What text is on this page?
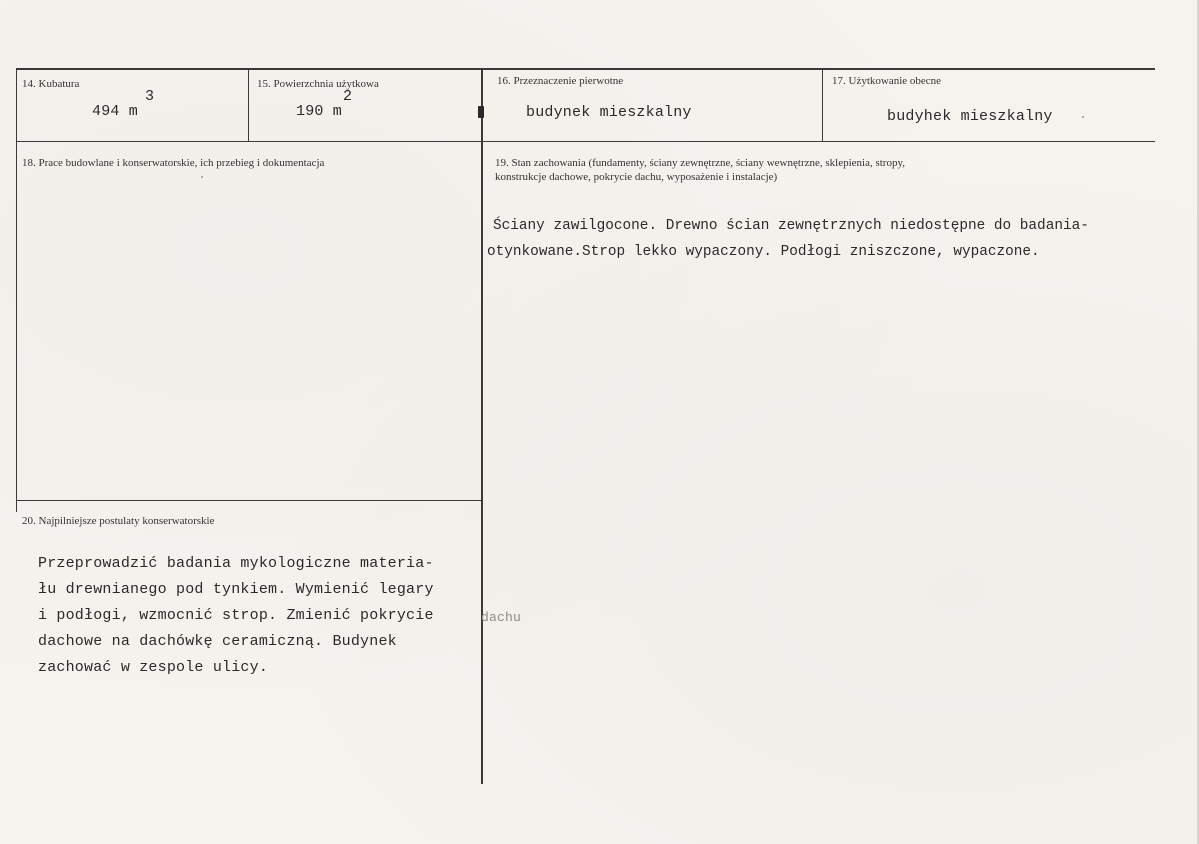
14. Kubatura
494 m
3
15. Powierzchnia użytkowa
190 m
2
16. Przeznaczenie pierwotne
budynek mieszkalny
17. Użytkowanie obecne
budyhek mieszkalny
18. Prace budowlane i konserwatorskie, ich przebieg i dokumentacja	19. Stan zachowania (fundamenty, ściany zewnętrzne, ściany wewnętrzne, sklepienia, stropy,
konstrukcje dachowe, pokrycie dachu, wyposażenie i instalacje)
Ściany zawilgocone. Drewno ścian zewnętrznych niedostępne do badania-
otynkowane.Strop lekko wypaczony. Podłogi zniszczone, wypaczone.
20. Najpilniejsze postulaty konserwatorskie
Przeprowadzić badania mykologiczne materia-
łu drewnianego pod tynkiem. Wymienić legary
i podłogi, wzmocnić strop. Zmienić pokrycie	dachu
dachowe na dachówkę ceramiczną. Budynek
zachować w zespole ulicy.
